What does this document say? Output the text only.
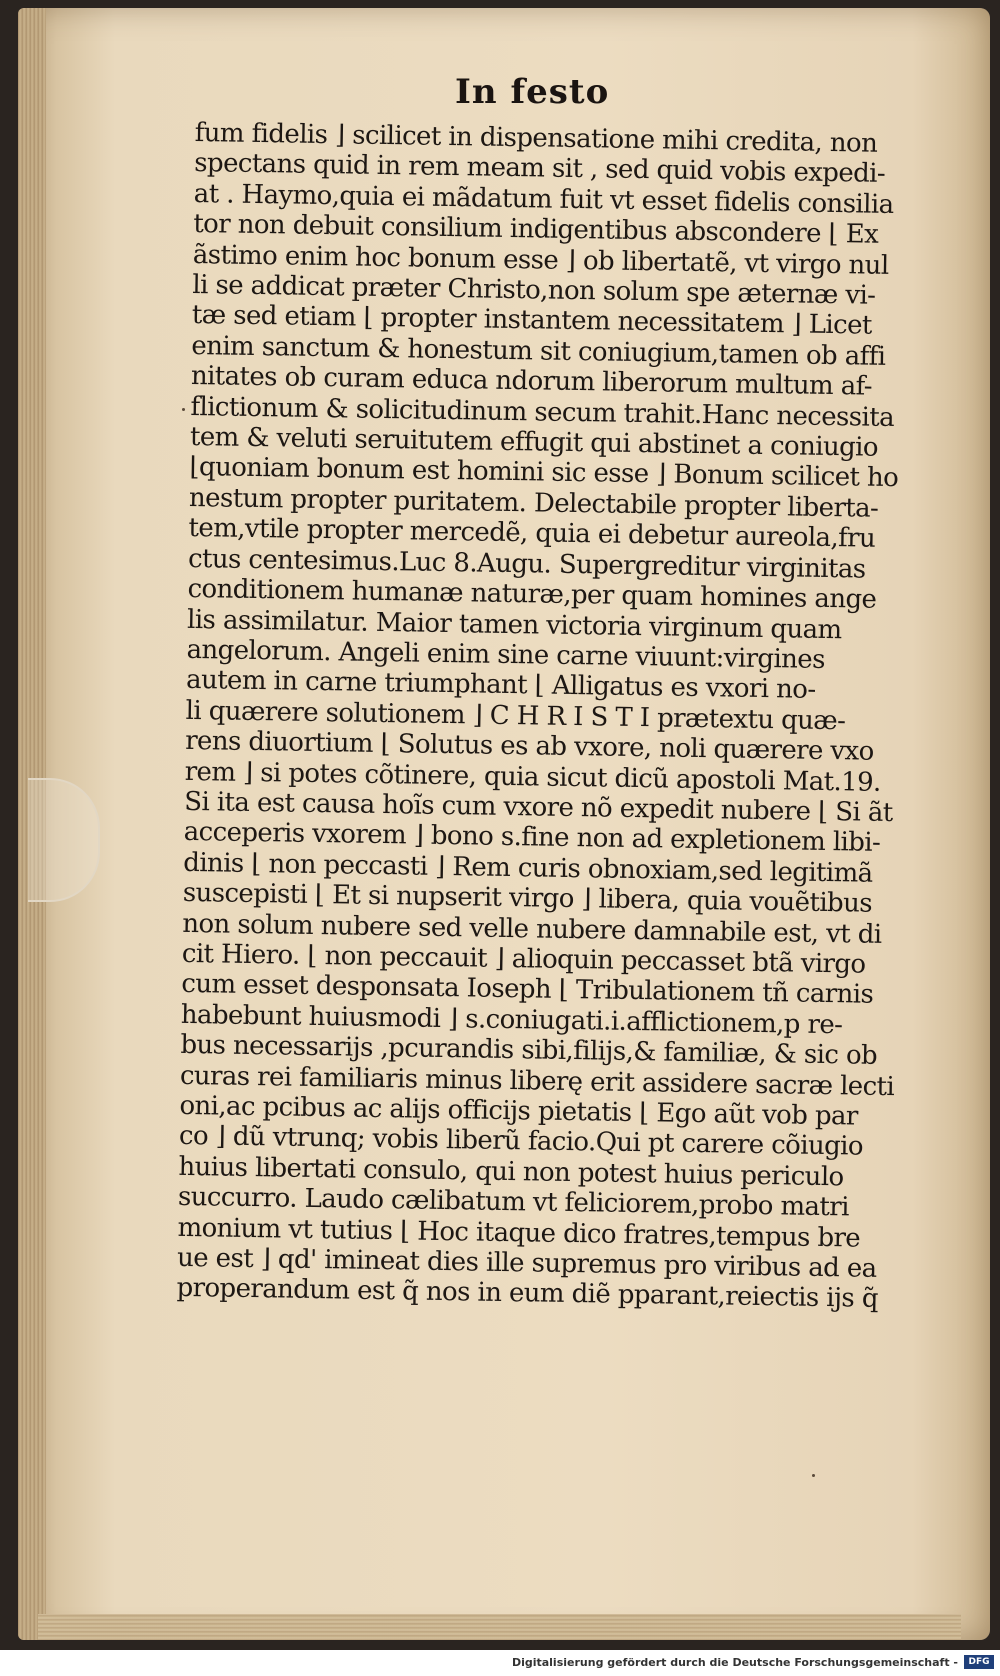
In festo
fum fidelis ⌋ scilicet in dispensatione mihi credita, non
spectans quid in rem meam sit , sed quid vobis expedi-
at . Haymo,quia ei mãdatum fuit vt esset fidelis consilia
tor non debuit consilium indigentibus abscondere ⌊ Ex
ãstimo enim hoc bonum esse ⌋ ob libertatẽ, vt virgo nul
li se addicat præter Christo,non solum spe æternæ vi-
tæ sed etiam ⌊ propter instantem necessitatem ⌋ Licet
enim sanctum & honestum sit coniugium,tamen ob affi
nitates ob curam educa ndorum liberorum multum af-
flictionum & solicitudinum secum trahit.Hanc necessita
tem & veluti seruitutem effugit qui abstinet a coniugio
⌊quoniam bonum est homini sic esse ⌋ Bonum scilicet ho
nestum propter puritatem. Delectabile propter liberta-
tem,vtile propter mercedẽ, quia ei debetur aureola,fru
ctus centesimus.Luc 8.Augu. Supergreditur virginitas
conditionem humanæ naturæ,per quam homines ange
lis assimilatur. Maior tamen victoria virginum quam
angelorum. Angeli enim sine carne viuunt:virgines
autem in carne triumphant ⌊ Alligatus es vxori no-
li quærere solutionem ⌋ C H R I S T I prætextu quæ-
rens diuortium ⌊ Solutus es ab vxore, noli quærere vxo
rem ⌋ si potes cõtinere, quia sicut dicũ apostoli Mat.19.
Si ita est causa hoĩs cum vxore nõ expedit nubere ⌊ Si ãt
acceperis vxorem ⌋ bono s.fine non ad expletionem libi-
dinis ⌊ non peccasti ⌋ Rem curis obnoxiam,sed legitimã
suscepisti ⌊ Et si nupserit virgo ⌋ libera, quia vouẽtibus
non solum nubere sed velle nubere damnabile est, vt di
cit Hiero. ⌊ non peccauit ⌋ alioquin peccasset btã virgo
cum esset desponsata Ioseph ⌊ Tribulationem tñ carnis
habebunt huiusmodi ⌋ s.coniugati.i.afflictionem,p re-
bus necessarijs ,pcurandis sibi,filijs,& familiæ, & sic ob
curas rei familiaris minus liberę erit assidere sacræ lecti
oni,ac pcibus ac alijs officijs pietatis ⌊ Ego aũt vob par
co ⌋ dũ vtrunq; vobis liberũ facio.Qui pt carere cõiugio
huius libertati consulo, qui non potest huius periculo
succurro. Laudo cælibatum vt feliciorem,probo matri
monium vt tutius ⌊ Hoc itaque dico fratres,tempus bre
ue est ⌋ qd' imineat dies ille supremus pro viribus ad ea
properandum est q̃ nos in eum diẽ pparant,reiectis ijs q̃
Digitalisierung gefördert durch die Deutsche Forschungsgemeinschaft -	DFG
